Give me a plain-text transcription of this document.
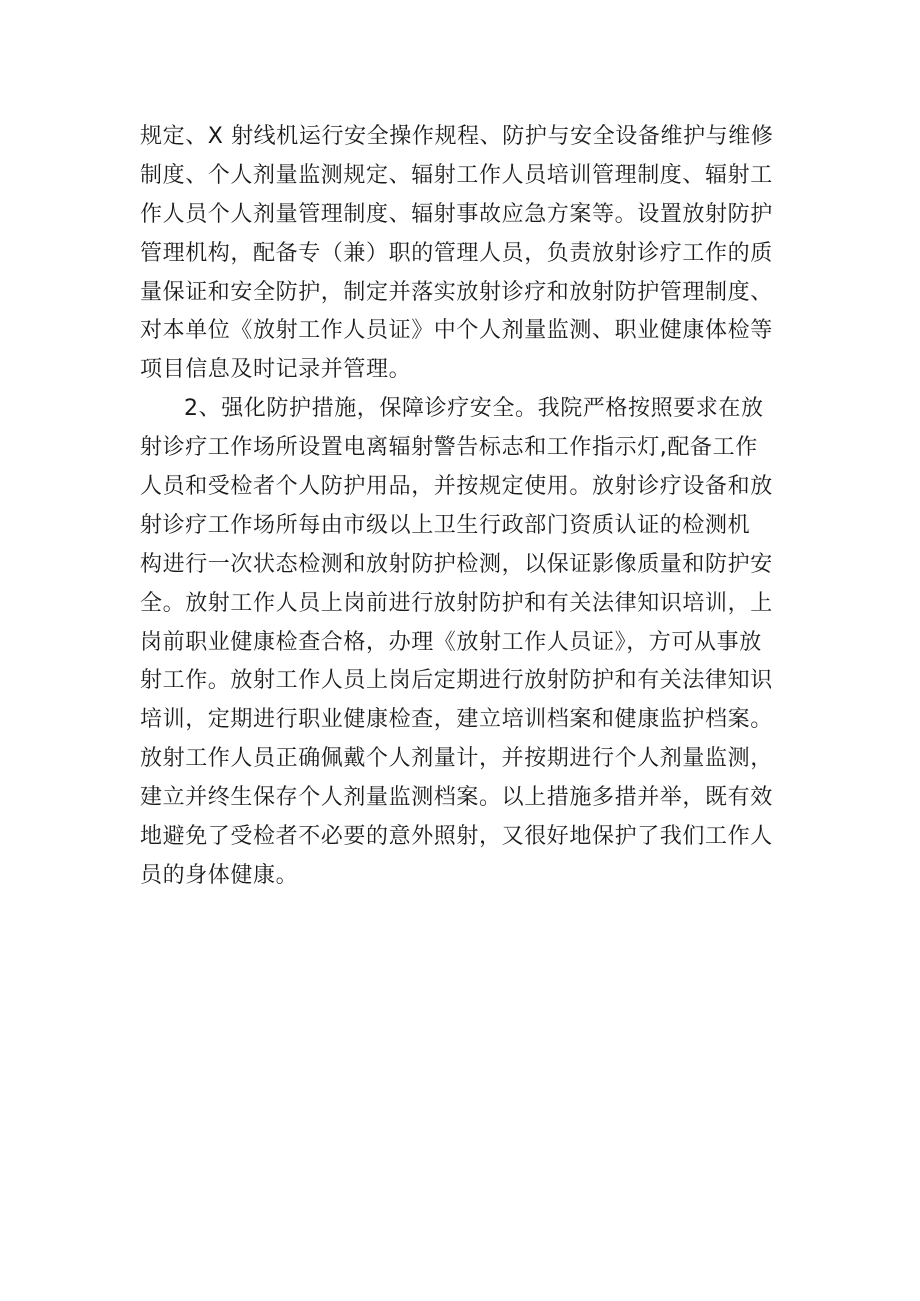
规定、X 射线机运行安全操作规程、防护与安全设备维护与维修
制度、个人剂量监测规定、辐射工作人员培训管理制度、辐射工
作人员个人剂量管理制度、辐射事故应急方案等。设置放射防护
管理机构，配备专（兼）职的管理人员，负责放射诊疗工作的质
量保证和安全防护，制定并落实放射诊疗和放射防护管理制度、
对本单位《放射工作人员证》中个人剂量监测、职业健康体检等
项目信息及时记录并管理。
2、强化防护措施，保障诊疗安全。我院严格按照要求在放
射诊疗工作场所设置电离辐射警告标志和工作指示灯,配备工作
人员和受检者个人防护用品，并按规定使用。放射诊疗设备和放
射诊疗工作场所每由市级以上卫生行政部门资质认证的检测机
构进行一次状态检测和放射防护检测，以保证影像质量和防护安
全。放射工作人员上岗前进行放射防护和有关法律知识培训，上
岗前职业健康检查合格，办理《放射工作人员证》，方可从事放
射工作。放射工作人员上岗后定期进行放射防护和有关法律知识
培训，定期进行职业健康检查，建立培训档案和健康监护档案。
放射工作人员正确佩戴个人剂量计，并按期进行个人剂量监测，
建立并终生保存个人剂量监测档案。以上措施多措并举，既有效
地避免了受检者不必要的意外照射，又很好地保护了我们工作人
员的身体健康。
